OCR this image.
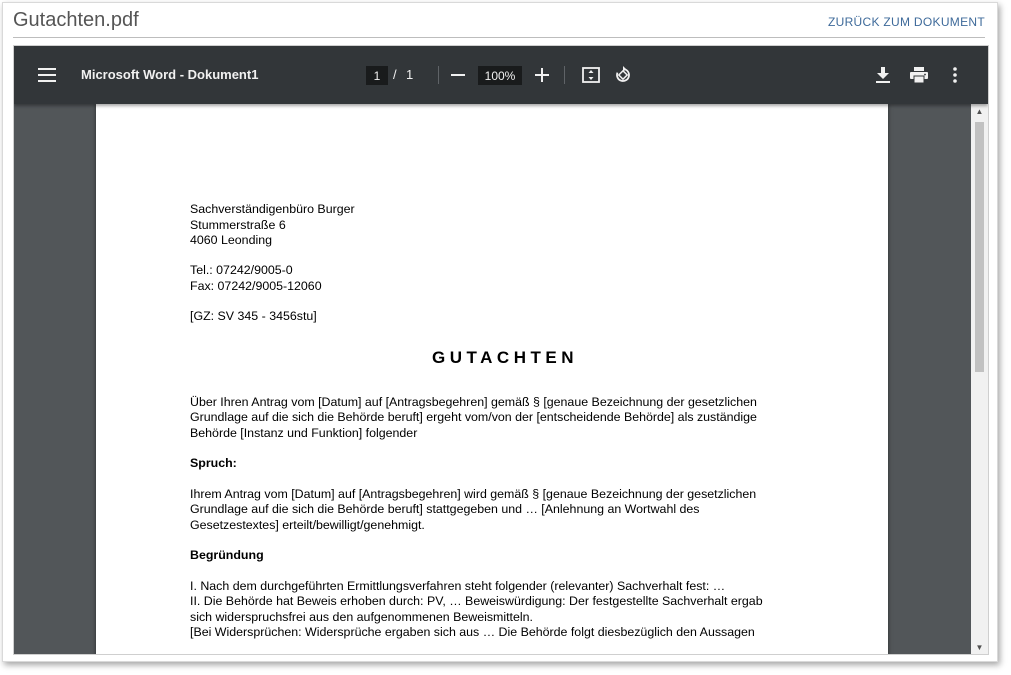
Gutachten.pdf	ZURÜCK ZUM DOKUMENT
Microsoft Word - Dokument1	1 / 1	100%
Sachverständigenbüro Burger
Stummerstraße 6
4060 Leonding
Tel.: 07242/9005-0
Fax: 07242/9005-12060
[GZ: SV 345 - 3456stu]
GUTACHTEN
Über Ihren Antrag vom [Datum] auf [Antragsbegehren] gemäß § [genaue Bezeichnung der gesetzlichen
Grundlage auf die sich die Behörde beruft] ergeht vom/von der [entscheidende Behörde] als zuständige
Behörde [Instanz und Funktion] folgender
Spruch:
Ihrem Antrag vom [Datum] auf [Antragsbegehren] wird gemäß § [genaue Bezeichnung der gesetzlichen
Grundlage auf die sich die Behörde beruft] stattgegeben und … [Anlehnung an Wortwahl des
Gesetzestextes] erteilt/bewilligt/genehmigt.
Begründung
I. Nach dem durchgeführten Ermittlungsverfahren steht folgender (relevanter) Sachverhalt fest: …
II. Die Behörde hat Beweis erhoben durch: PV, … Beweiswürdigung: Der festgestellte Sachverhalt ergab
sich widerspruchsfrei aus den aufgenommenen Beweismitteln.
[Bei Widersprüchen: Widersprüche ergaben sich aus … Die Behörde folgt diesbezüglich den Aussagen
▲
▼
